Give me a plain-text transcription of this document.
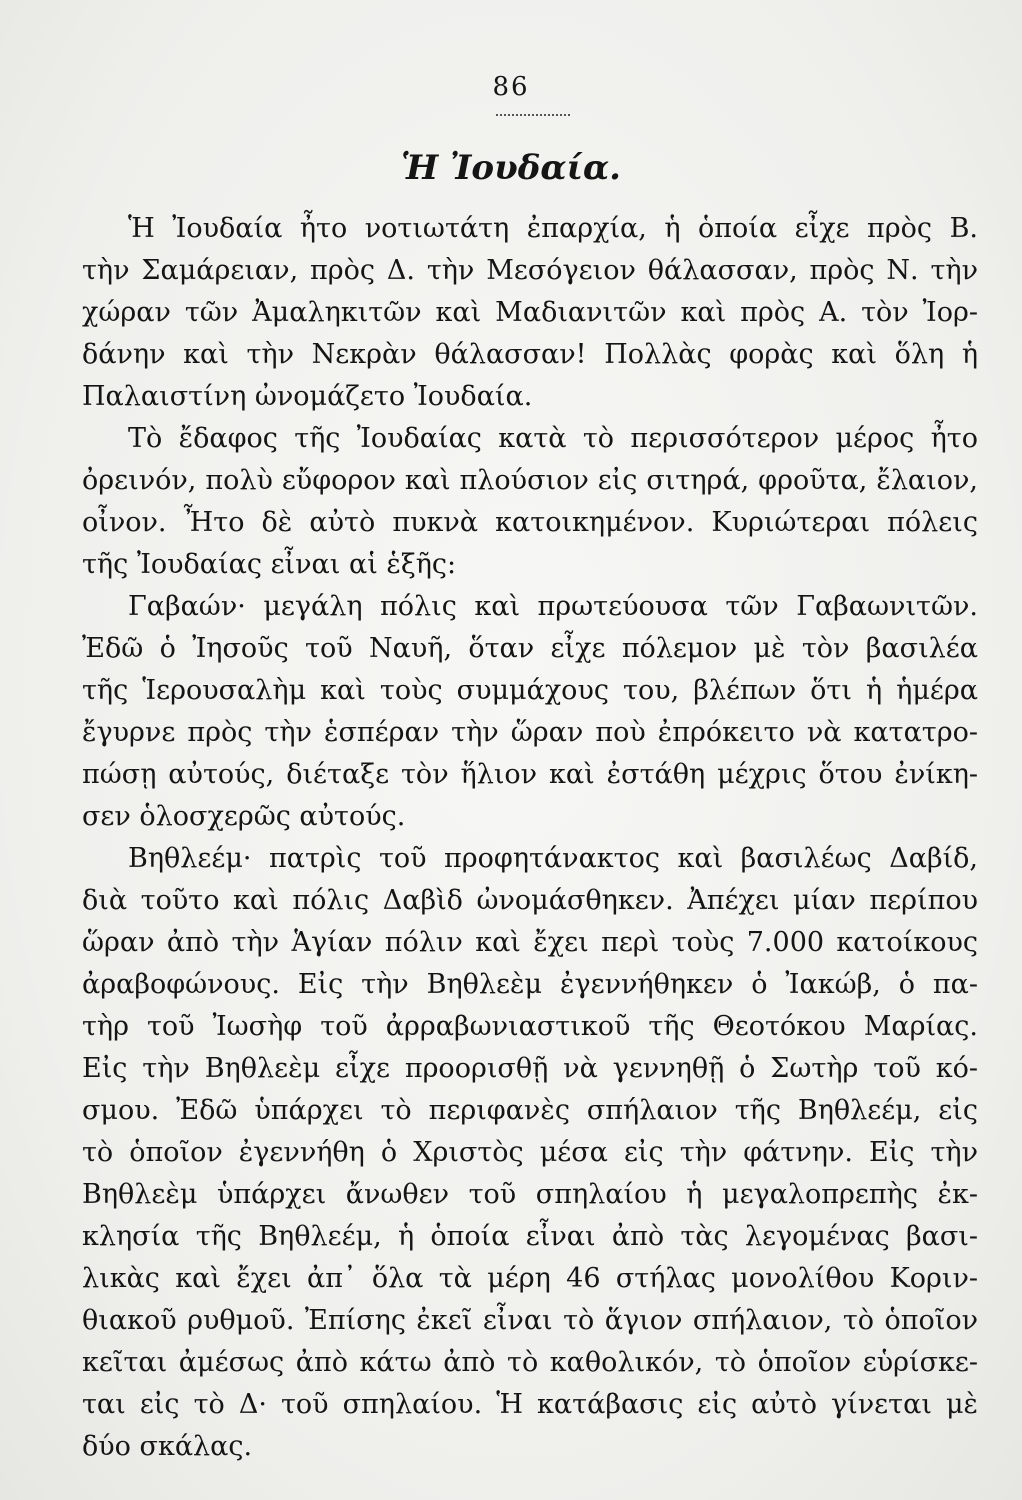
86
Ἡ Ἰουδαία.
Ἡ Ἰουδαία ἦτο νοτιωτάτη ἐπαρχία, ἡ ὁποία εἶχε πρὸς Β.
τὴν Σαμάρειαν, πρὸς Δ. τὴν Μεσόγειον θάλασσαν, πρὸς Ν. τὴν
χώραν τῶν Ἀμαληκιτῶν καὶ Μαδιανιτῶν καὶ πρὸς Α. τὸν Ἰορ-
δάνην καὶ τὴν Νεκρὰν θάλασσαν! Πολλὰς φορὰς καὶ ὅλη ἡ
Παλαιστίνη ὠνομάζετο Ἰουδαία.
Τὸ ἔδαφος τῆς Ἰουδαίας κατὰ τὸ περισσότερον μέρος ἦτο
ὀρεινόν, πολὺ εὔφορον καὶ πλούσιον εἰς σιτηρά, φροῦτα, ἔλαιον,
οἶνον. Ἦτο δὲ αὐτὸ πυκνὰ κατοικημένον. Κυριώτεραι πόλεις
τῆς Ἰουδαίας εἶναι αἱ ἑξῆς:
Γαβαών· μεγάλη πόλις καὶ πρωτεύουσα τῶν Γαβαωνιτῶν.
Ἐδῶ ὁ Ἰησοῦς τοῦ Ναυῆ, ὅταν εἶχε πόλεμον μὲ τὸν βασιλέα
τῆς Ἱερουσαλὴμ καὶ τοὺς συμμάχους του, βλέπων ὅτι ἡ ἡμέρα
ἔγυρνε πρὸς τὴν ἑσπέραν τὴν ὥραν ποὺ ἐπρόκειτο νὰ κατατρο-
πώσῃ αὐτούς, διέταξε τὸν ἥλιον καὶ ἐστάθη μέχρις ὅτου ἐνίκη-
σεν ὁλοσχερῶς αὐτούς.
Βηθλεέμ· πατρὶς τοῦ προφητάνακτος καὶ βασιλέως Δαβίδ,
διὰ τοῦτο καὶ πόλις Δαβὶδ ὠνομάσθηκεν. Ἀπέχει μίαν περίπου
ὥραν ἀπὸ τὴν Ἁγίαν πόλιν καὶ ἔχει περὶ τοὺς 7.000 κατοίκους
ἀραβοφώνους. Εἰς τὴν Βηθλεὲμ ἐγεννήθηκεν ὁ Ἰακώβ, ὁ πα-
τὴρ τοῦ Ἰωσὴφ τοῦ ἀρραβωνιαστικοῦ τῆς Θεοτόκου Μαρίας.
Εἰς τὴν Βηθλεὲμ εἶχε προορισθῇ νὰ γεννηθῇ ὁ Σωτὴρ τοῦ κό-
σμου. Ἐδῶ ὑπάρχει τὸ περιφανὲς σπήλαιον τῆς Βηθλεέμ, εἰς
τὸ ὁποῖον ἐγεννήθη ὁ Χριστὸς μέσα εἰς τὴν φάτνην. Εἰς τὴν
Βηθλεὲμ ὑπάρχει ἄνωθεν τοῦ σπηλαίου ἡ μεγαλοπρεπὴς ἐκ-
κλησία τῆς Βηθλεέμ, ἡ ὁποία εἶναι ἀπὸ τὰς λεγομένας βασι-
λικὰς καὶ ἔχει ἀπ᾽ ὅλα τὰ μέρη 46 στήλας μονολίθου Κοριν-
θιακοῦ ρυθμοῦ. Ἐπίσης ἐκεῖ εἶναι τὸ ἅγιον σπήλαιον, τὸ ὁποῖον
κεῖται ἀμέσως ἀπὸ κάτω ἀπὸ τὸ καθολικόν, τὸ ὁποῖον εὑρίσκε-
ται εἰς τὸ Δ· τοῦ σπηλαίου. Ἡ κατάβασις εἰς αὐτὸ γίνεται μὲ
δύο σκάλας.
